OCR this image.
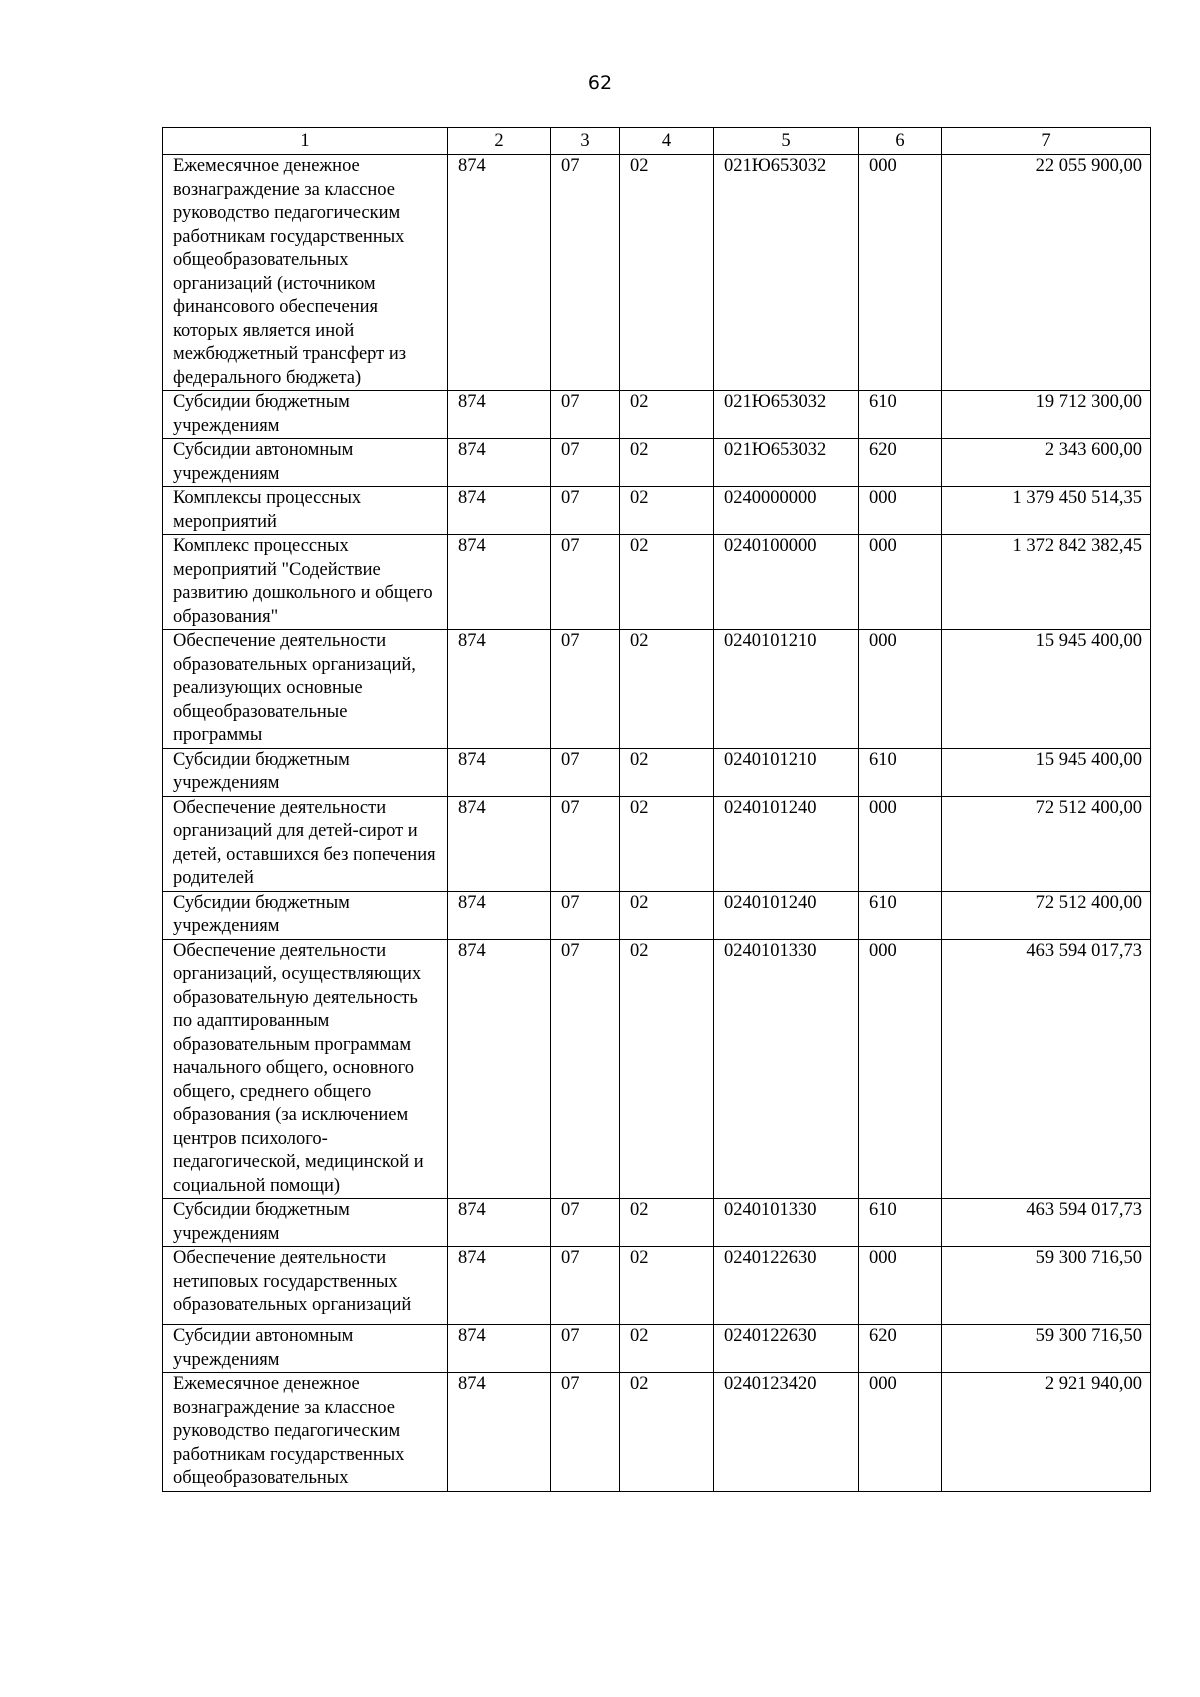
62
1	2	3	4	5	6	7
Ежемесячное денежное вознаграждение за классное руководство педагогическим работникам государственных общеобразовательных организаций (источником финансового обеспечения которых является иной межбюджетный трансферт из федерального бюджета)	874	07	02	021Ю653032	000	22 055 900,00
Субсидии бюджетным учреждениям	874	07	02	021Ю653032	610	19 712 300,00
Субсидии автономным учреждениям	874	07	02	021Ю653032	620	2 343 600,00
Комплексы процессных мероприятий	874	07	02	0240000000	000	1 379 450 514,35
Комплекс процессных мероприятий "Содействие развитию дошкольного и общего образования"	874	07	02	0240100000	000	1 372 842 382,45
Обеспечение деятельности образовательных организаций, реализующих основные общеобразовательные программы	874	07	02	0240101210	000	15 945 400,00
Субсидии бюджетным учреждениям	874	07	02	0240101210	610	15 945 400,00
Обеспечение деятельности организаций для детей-сирот и детей, оставшихся без попечения родителей	874	07	02	0240101240	000	72 512 400,00
Субсидии бюджетным учреждениям	874	07	02	0240101240	610	72 512 400,00
Обеспечение деятельности организаций, осуществляющих образовательную деятельность по адаптированным образовательным программам начального общего, основного общего, среднего общего образования (за исключением центров психолого-педагогической, медицинской и социальной помощи)	874	07	02	0240101330	000	463 594 017,73
Субсидии бюджетным учреждениям	874	07	02	0240101330	610	463 594 017,73
Обеспечение деятельности нетиповых государственных образовательных организаций	874	07	02	0240122630	000	59 300 716,50
Субсидии автономным учреждениям	874	07	02	0240122630	620	59 300 716,50
Ежемесячное денежное вознаграждение за классное руководство педагогическим работникам государственных общеобразовательных	874	07	02	0240123420	000	2 921 940,00
